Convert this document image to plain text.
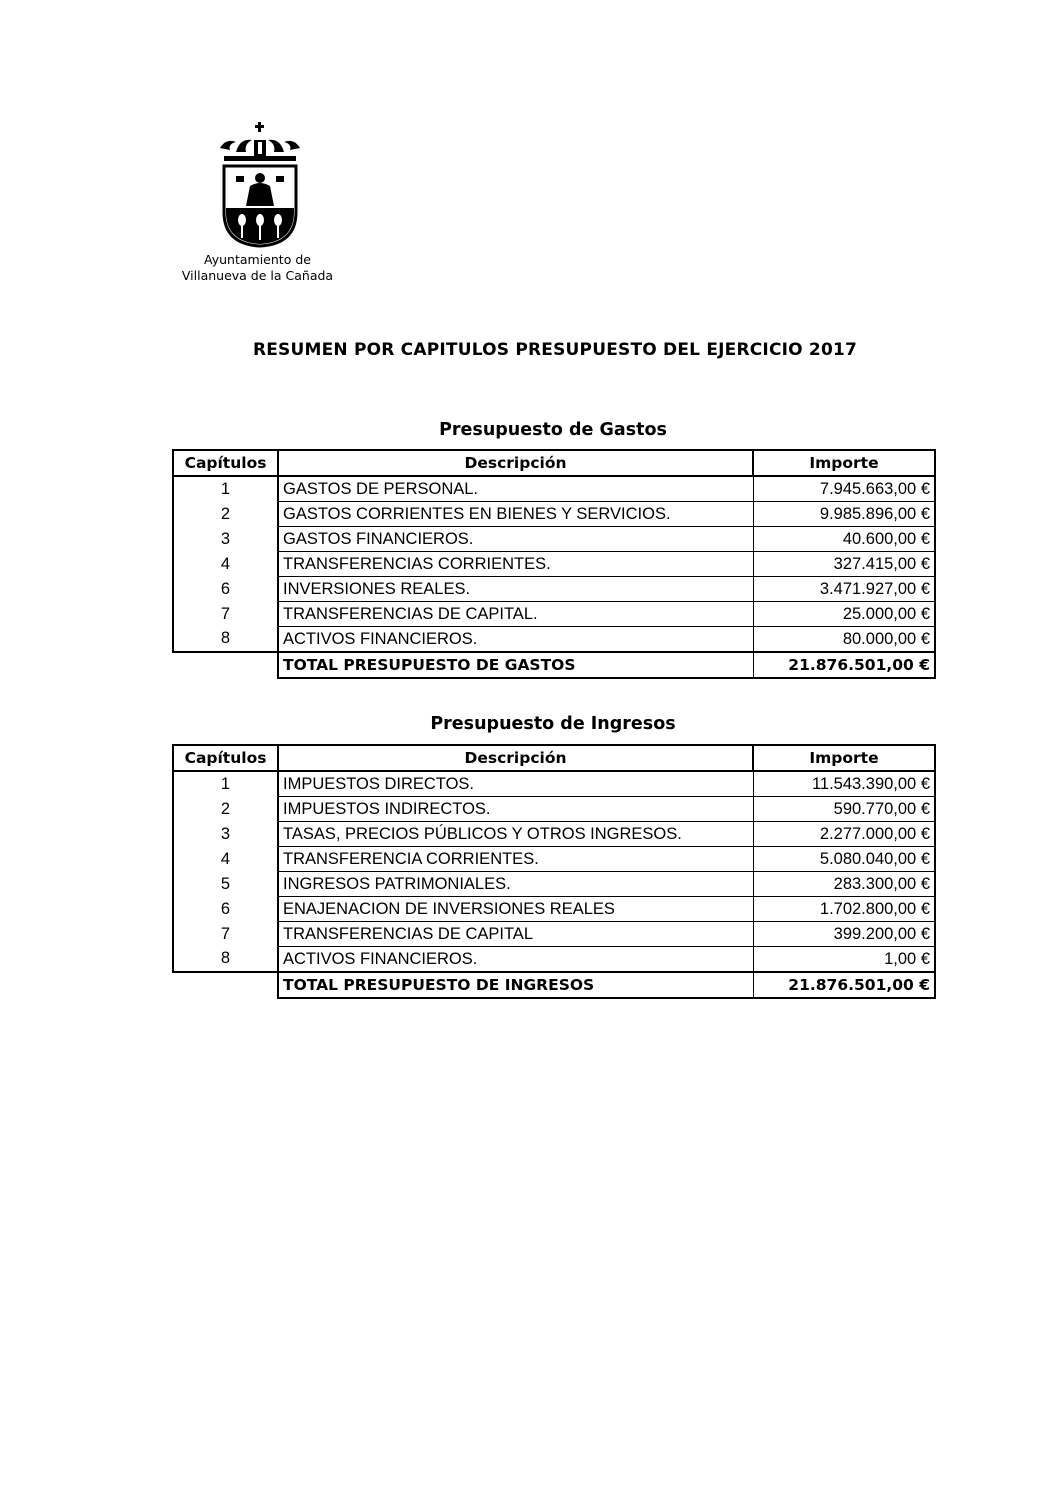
Ayuntamiento de
Villanueva de la Cañada
RESUMEN POR CAPITULOS PRESUPUESTO DEL EJERCICIO 2017
Presupuesto de Gastos
Capítulos	Descripción	Importe
1	GASTOS DE PERSONAL.	7.945.663,00 €
2	GASTOS CORRIENTES EN BIENES Y SERVICIOS.	9.985.896,00 €
3	GASTOS FINANCIEROS.	40.600,00 €
4	TRANSFERENCIAS CORRIENTES.	327.415,00 €
6	INVERSIONES REALES.	3.471.927,00 €
7	TRANSFERENCIAS DE CAPITAL.	25.000,00 €
8	ACTIVOS FINANCIEROS.	80.000,00 €
	TOTAL PRESUPUESTO DE GASTOS	21.876.501,00 €
Presupuesto de Ingresos
Capítulos	Descripción	Importe
1	IMPUESTOS DIRECTOS.	11.543.390,00 €
2	IMPUESTOS INDIRECTOS.	590.770,00 €
3	TASAS, PRECIOS PÚBLICOS Y OTROS INGRESOS.	2.277.000,00 €
4	TRANSFERENCIA CORRIENTES.	5.080.040,00 €
5	INGRESOS PATRIMONIALES.	283.300,00 €
6	ENAJENACION DE INVERSIONES REALES	1.702.800,00 €
7	TRANSFERENCIAS DE CAPITAL	399.200,00 €
8	ACTIVOS FINANCIEROS.	1,00 €
	TOTAL PRESUPUESTO DE INGRESOS	21.876.501,00 €
